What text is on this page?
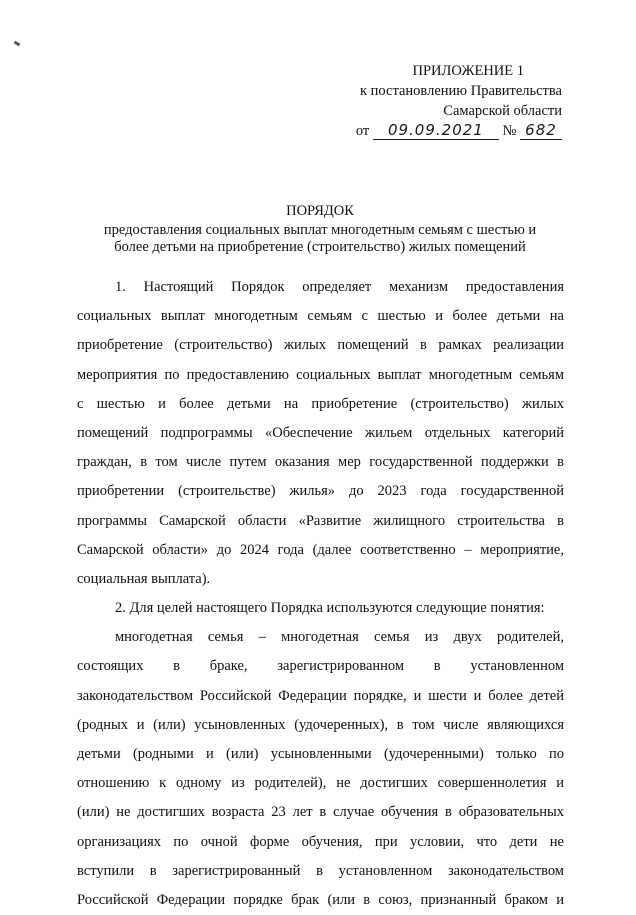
ПРИЛОЖЕНИЕ 1
к постановлению Правительства
Самарской области
от 09.09.2021 № 682
ПОРЯДОК
предоставления социальных выплат многодетным семьям с шестью и
более детьми на приобретение (строительство) жилых помещений
1. Настоящий Порядок определяет механизм предоставления
социальных выплат многодетным семьям с шестью и более детьми на
приобретение (строительство) жилых помещений в рамках реализации
мероприятия по предоставлению социальных выплат многодетным семьям
с шестью и более детьми на приобретение (строительство) жилых
помещений подпрограммы «Обеспечение жильем отдельных категорий
граждан, в том числе путем оказания мер государственной поддержки в
приобретении (строительстве) жилья» до 2023 года государственной
программы Самарской области «Развитие жилищного строительства в
Самарской области» до 2024 года (далее соответственно – мероприятие,
социальная выплата).
2. Для целей настоящего Порядка используются следующие понятия:
многодетная семья – многодетная семья из двух родителей,
состоящих в браке, зарегистрированном в установленном
законодательством Российской Федерации порядке, и шести и более детей
(родных и (или) усыновленных (удочеренных), в том числе являющихся
детьми (родными и (или) усыновленными (удочеренными) только по
отношению к одному из родителей), не достигших совершеннолетия и
(или) не достигших возраста 23 лет в случае обучения в образовательных
организациях по очной форме обучения, при условии, что дети не
вступили в зарегистрированный в установленном законодательством
Российской Федерации порядке брак (или в союз, признанный браком и
